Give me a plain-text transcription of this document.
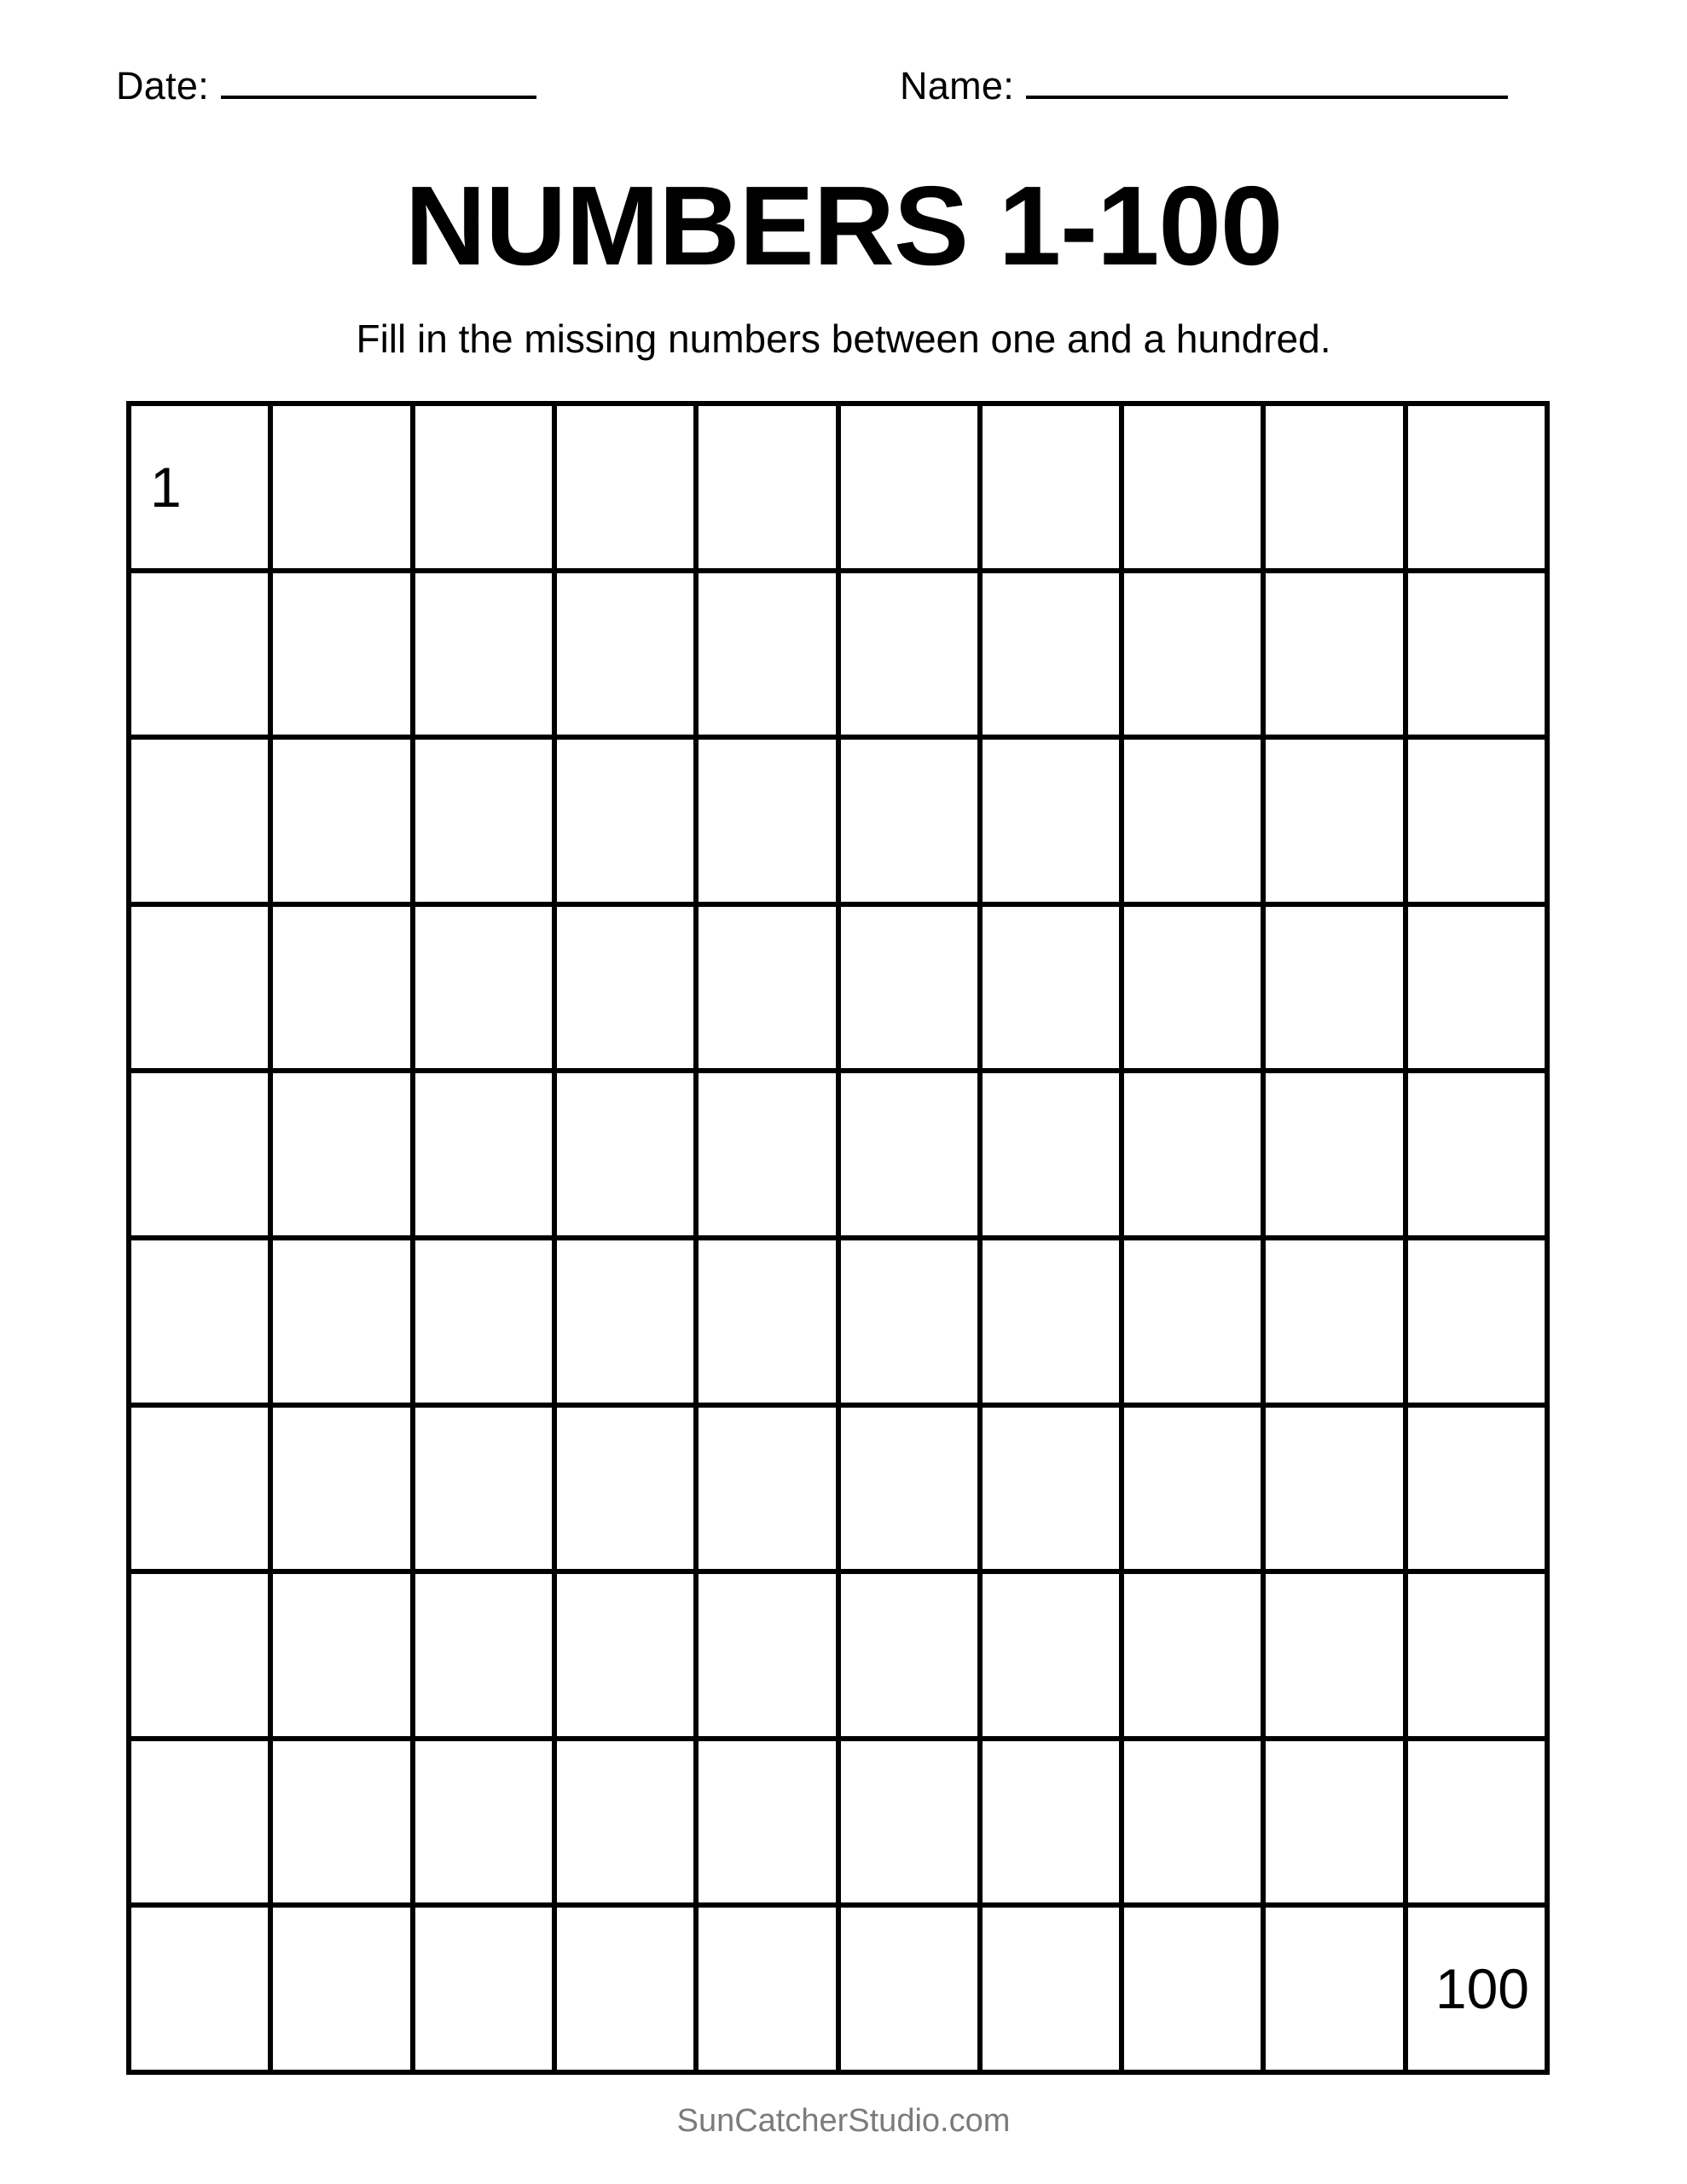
Date:	Name:
NUMBERS 1-100
Fill in the missing numbers between one and a hundred.
1
100
SunCatcherStudio.com
